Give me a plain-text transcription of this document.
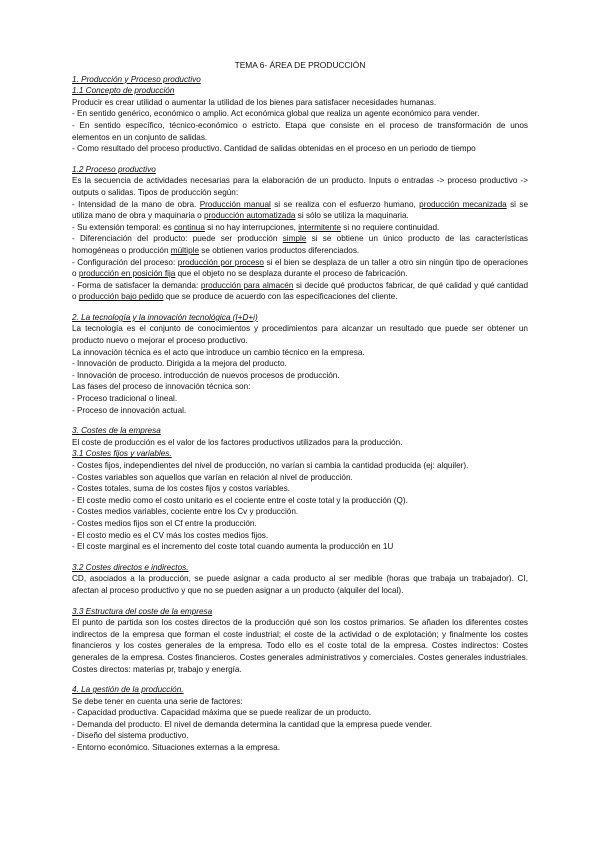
TEMA 6- ÁREA DE PRODUCCIÓN

1. Producción y Proceso productivo

1.1 Concepto de producción

Producir es crear utilidad o aumentar la utilidad de los bienes para satisfacer necesidades humanas.

- En sentido genérico, económico o amplio. Act económica global que realiza un agente económico para vender.

- En sentido específico, técnico-económico o estricto. Etapa que consiste en el proceso de transformación de unos elementos en un conjunto de salidas.

- Como resultado del proceso productivo. Cantidad de salidas obtenidas en el proceso en un periodo de tiempo

1.2 Proceso productivo

Es la secuencia de actividades necesarias para la elaboración de un producto. Inputs o entradas -> proceso productivo -> outputs o salidas. Tipos de producción según:

- Intensidad de la mano de obra. Producción manual si se realiza con el esfuerzo humano, producción mecanizada si se utiliza mano de obra y maquinaria o producción automatizada si sólo se utiliza la maquinaria.

- Su extensión temporal: es continua si no hay interrupciones, intermitente si no requiere continuidad.

- Diferenciación del producto: puede ser producción simple si se obtiene un único producto de las características homogéneas o producción múltiple se obtienen varios productos diferenciados.

- Configuración del proceso: producción por proceso si el bien se desplaza de un taller a otro sin ningún tipo de operaciones o producción en posición fija que el objeto no se desplaza durante el proceso de fabricación.

- Forma de satisfacer la demanda: producción para almacén si decide qué productos fabricar, de qué calidad y qué cantidad o producción bajo pedido que se produce de acuerdo con las especificaciones del cliente.

2. La tecnología y la innovación tecnológica (I+D+i)

La tecnología es el conjunto de conocimientos y procedimientos para alcanzar un resultado que puede ser obtener un producto nuevo o mejorar el proceso productivo.

La innovación técnica es el acto que introduce un cambio técnico en la empresa.

- Innovación de producto. Dirigida a la mejora del producto.

- Innovación de proceso. introducción de nuevos procesos de producción.

Las fases del proceso de innovación técnica son:

- Proceso tradicional o lineal.

- Proceso de innovación actual.

3. Costes de la empresa

El coste de producción es el valor de los factores productivos utilizados para la producción.

3.1 Costes fijos y variables.

- Costes fijos, independientes del nivel de producción, no varían si cambia la cantidad producida (ej: alquiler).

- Costes variables son aquellos que varían en relación al nivel de producción.

- Costes totales, suma de los costes fijos y costos variables.

- El coste medio como el costo unitario es el cociente entre el coste total y la producción (Q).

- Costes medios variables, cociente entre los Cv y producción.

- Costes medios fijos son el Cf entre la producción.

- El costo medio es el CV más los costes medios fijos.

- El coste marginal es el incremento del coste total cuando aumenta la producción en 1U

3.2 Costes directos e indirectos.

CD, asociados a la producción, se puede asignar a cada producto al ser medible (horas que trabaja un trabajador). CI, afectan al proceso productivo y que no se pueden asignar a un producto (alquiler del local).

3.3 Estructura del coste de la empresa

El punto de partida son los costes directos de la producción qué son los costos primarios. Se añaden los diferentes costes indirectos de la empresa que forman el coste industrial; el coste de la actividad o de explotación; y finalmente los costes financieros y los costes generales de la empresa. Todo ello es el coste total de la empresa. Costes indirectos: Costes generales de la empresa. Costes financieros. Costes generales administrativos y comerciales. Costes generales industriales. Costes directos: materias pr, trabajo y energía.

4. La gestión de la producción.

Se debe tener en cuenta una serie de factores:

- Capacidad productiva. Capacidad máxima que se puede realizar de un producto.

- Demanda del producto. El nivel de demanda determina la cantidad que la empresa puede vender.

- Diseño del sistema productivo.

- Entorno económico. Situaciones externas a la empresa.
